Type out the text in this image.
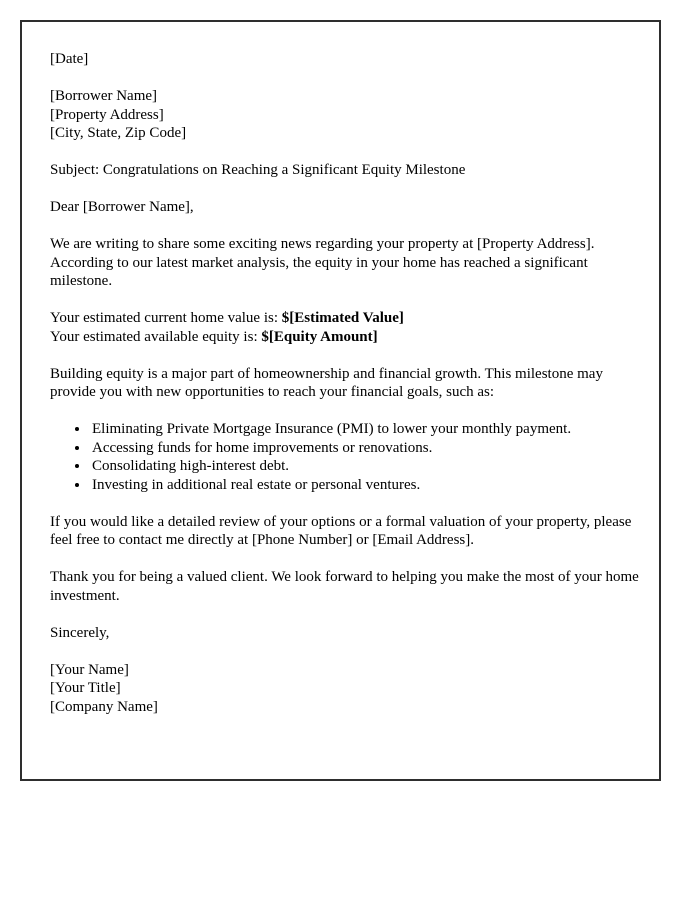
[Date]
[Borrower Name]
[Property Address]
[City, State, Zip Code]
Subject: Congratulations on Reaching a Significant Equity Milestone
Dear [Borrower Name],
We are writing to share some exciting news regarding your property at [Property Address]. According to our latest market analysis, the equity in your home has reached a significant milestone.
Your estimated current home value is: $[Estimated Value]
Your estimated available equity is: $[Equity Amount]
Building equity is a major part of homeownership and financial growth. This milestone may provide you with new opportunities to reach your financial goals, such as:
• Eliminating Private Mortgage Insurance (PMI) to lower your monthly payment.
• Accessing funds for home improvements or renovations.
• Consolidating high-interest debt.
• Investing in additional real estate or personal ventures.
If you would like a detailed review of your options or a formal valuation of your property, please feel free to contact me directly at [Phone Number] or [Email Address].
Thank you for being a valued client. We look forward to helping you make the most of your home investment.
Sincerely,
[Your Name]
[Your Title]
[Company Name]
